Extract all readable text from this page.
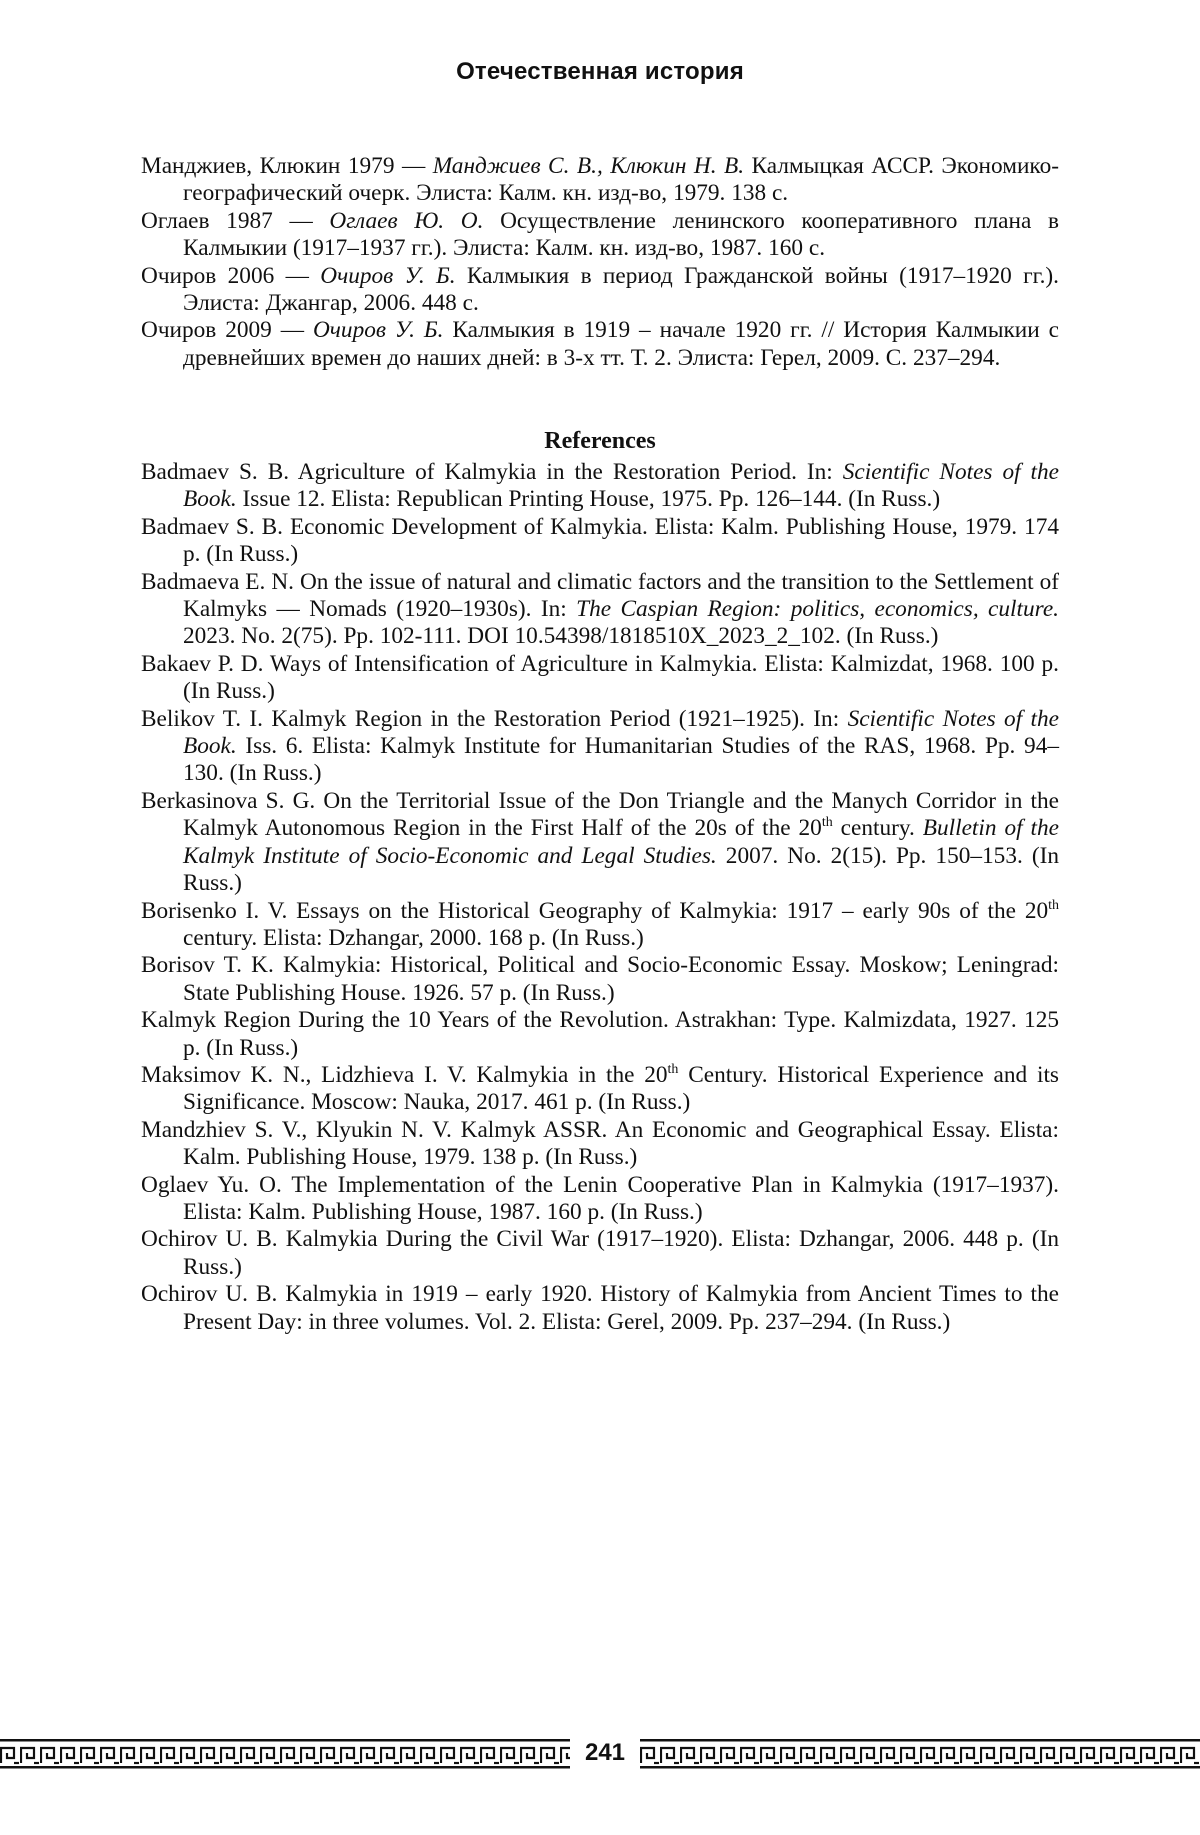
Отечественная история

Манджиев, Клюкин 1979 — Манджиев С. В., Клюкин Н. В. Калмыцкая АССР. Экономико-географический очерк. Элиста: Калм. кн. изд-во, 1979. 138 с.

Оглаев 1987 — Оглаев Ю. О. Осуществление ленинского кооперативного плана в Калмыкии (1917–1937 гг.). Элиста: Калм. кн. изд-во, 1987. 160 с.

Очиров 2006 — Очиров У. Б. Калмыкия в период Гражданской войны (1917–1920 гг.). Элиста: Джангар, 2006. 448 с.

Очиров 2009 — Очиров У. Б. Калмыкия в 1919 – начале 1920 гг. // История Калмыкии с древнейших времен до наших дней: в 3-х тт. Т. 2. Элиста: Герел, 2009. С. 237–294.

References

Badmaev S. B. Agriculture of Kalmykia in the Restoration Period. In: Scientific Notes of the Book. Issue 12. Elista: Republican Printing House, 1975. Pp. 126–144. (In Russ.)

Badmaev S. B. Economic Development of Kalmykia. Elista: Kalm. Publishing House, 1979. 174 p. (In Russ.)

Badmaeva E. N. On the issue of natural and climatic factors and the transition to the Settlement of Kalmyks — Nomads (1920–1930s). In: The Caspian Region: politics, economics, culture. 2023. No. 2(75). Pp. 102-111. DOI 10.54398/1818510X_2023_2_102. (In Russ.)

Bakaev P. D. Ways of Intensification of Agriculture in Kalmykia. Elista: Kalmizdat, 1968. 100 p. (In Russ.)

Belikov T. I. Kalmyk Region in the Restoration Period (1921–1925). In: Scientific Notes of the Book. Iss. 6. Elista: Kalmyk Institute for Humanitarian Studies of the RAS, 1968. Pp. 94–130. (In Russ.)

Berkasinova S. G. On the Territorial Issue of the Don Triangle and the Manych Corridor in the Kalmyk Autonomous Region in the First Half of the 20s of the 20th century. Bulletin of the Kalmyk Institute of Socio-Economic and Legal Studies. 2007. No. 2(15). Pp. 150–153. (In Russ.)

Borisenko I. V. Essays on the Historical Geography of Kalmykia: 1917 – early 90s of the 20th century. Elista: Dzhangar, 2000. 168 p. (In Russ.)

Borisov T. K. Kalmykia: Historical, Political and Socio-Economic Essay. Moskow; Leningrad: State Publishing House. 1926. 57 p. (In Russ.)

Kalmyk Region During the 10 Years of the Revolution. Astrakhan: Type. Kalmizdata, 1927. 125 p. (In Russ.)

Maksimov K. N., Lidzhieva I. V. Kalmykia in the 20th Century. Historical Experience and its Significance. Moscow: Nauka, 2017. 461 p. (In Russ.)

Mandzhiev S. V., Klyukin N. V. Kalmyk ASSR. An Economic and Geographical Essay. Elista: Kalm. Publishing House, 1979. 138 p. (In Russ.)

Oglaev Yu. O. The Implementation of the Lenin Cooperative Plan in Kalmykia (1917–1937). Elista: Kalm. Publishing House, 1987. 160 p. (In Russ.)

Ochirov U. B. Kalmykia During the Civil War (1917–1920). Elista: Dzhangar, 2006. 448 p. (In Russ.)

Ochirov U. B. Kalmykia in 1919 – early 1920. History of Kalmykia from Ancient Times to the Present Day: in three volumes. Vol. 2. Elista: Gerel, 2009. Pp. 237–294. (In Russ.)

241
